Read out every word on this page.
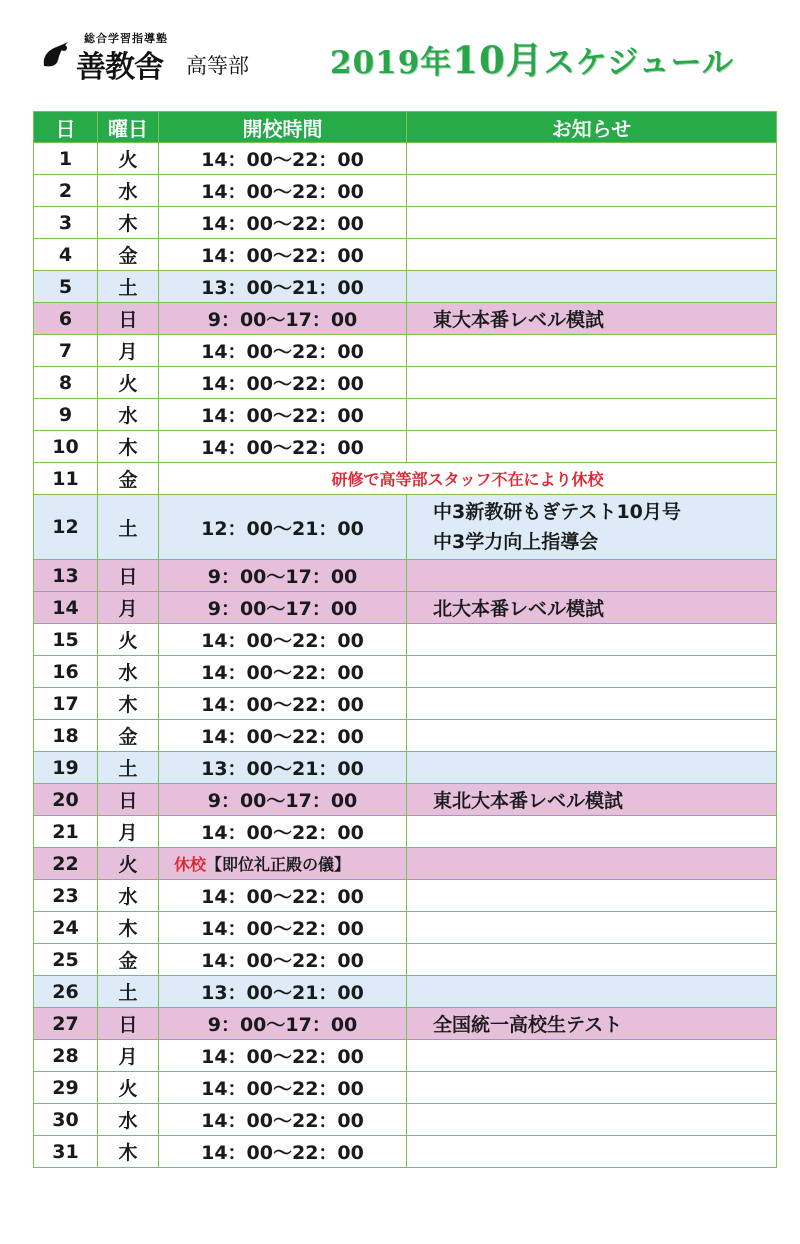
総合学習指導塾
善教舎 高等部	2019年10月スケジュール
日	曜日	開校時間	お知らせ
1	火	14：00～22：00	
2	水	14：00～22：00	
3	木	14：00～22：00	
4	金	14：00～22：00	
5	土	13：00～21：00	
6	日	9：00～17：00	東大本番レベル模試
7	月	14：00～22：00	
8	火	14：00～22：00	
9	水	14：00～22：00	
10	木	14：00～22：00	
11	金	研修で高等部スタッフ不在により休校	
12	土	12：00～21：00	中3新教研もぎテスト10月号
中3学力向上指導会

13	日	9：00～17：00	
14	月	9：00～17：00	北大本番レベル模試
15	火	14：00～22：00	
16	水	14：00～22：00	
17	木	14：00～22：00	
18	金	14：00～22：00	
19	土	13：00～21：00	
20	日	9：00～17：00	東北大本番レベル模試
21	月	14：00～22：00	
22	火	休校【即位礼正殿の儀】	
23	水	14：00～22：00	
24	木	14：00～22：00	
25	金	14：00～22：00	
26	土	13：00～21：00	
27	日	9：00～17：00	全国統一高校生テスト
28	月	14：00～22：00	
29	火	14：00～22：00	
30	水	14：00～22：00	
31	木	14：00～22：00	
